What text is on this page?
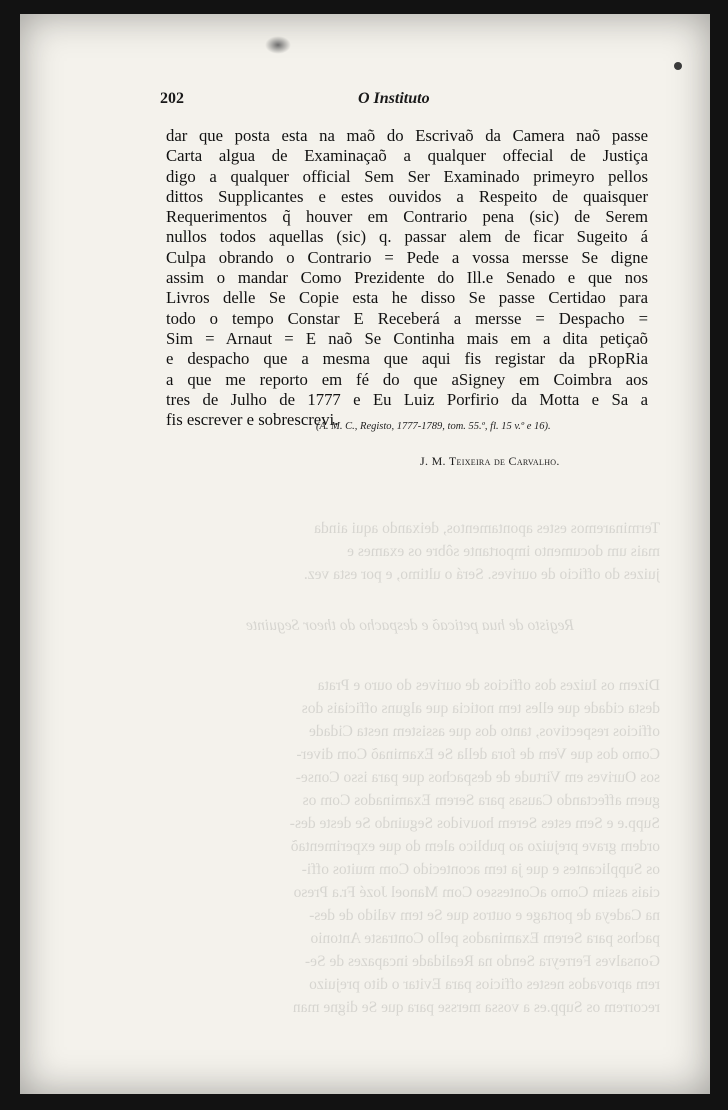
Terminaremos estes apontamentos, deixando aqui ainda
mais um documento importante sôbre os exames e
juizes do officio de ourives. Será o ultimo, e por esta vez.
Registo de hua peticaõ e despacho do theor Seguinte
Dizem os Iuizes dos officios de ourives do ouro e Prata
desta cidade que elles tem noticia que alguns officiais dos
officios respectivos, tanto dos que assistem nesta Cidade
Como dos que Vem de fora della Se Examinaõ Com diver-
sos Ourives em Virtude de despachos que para isso Conse-
guem affectando Causas para Serem Examinados Com os
Supp.e e Sem estes Serem houvidos Seguindo Se deste des-
ordem grave prejuizo ao publico alem do que experimentaõ
os Supplicantes e que ja tem acontecido Com muitos offi-
ciais assim Como aContesseo Com Manoel Jozé Fr.a Preso
na Cadeya de portage e outros que Se tem valido de des-
pachos para Serem Examinados pello Contraste Antonio
Gonsalves Ferreyra Sendo na Realidade incapazes de Se-
rem aprovados nestes officios para Evitar o dito prejuizo
recorrem os Supp.es a vossa mersse para que Se digne man
202	O Instituto
dar que posta esta na maõ do Escrivaõ da Camera naõ passe
Carta algua de Examinaçaõ a qualquer offecial de Justiça
digo a qualquer official Sem Ser Examinado primeyro pellos
dittos Supplicantes e estes ouvidos a Respeito de quaisquer
Requerimentos q̃ houver em Contrario pena (sic) de Serem
nullos todos aquellas (sic) q. passar alem de ficar Sugeito á
Culpa obrando o Contrario = Pede a vossa mersse Se digne
assim o mandar Como Prezidente do Ill.e Senado e que nos
Livros delle Se Copie esta he disso Se passe Certidao para
todo o tempo Constar E Receberá a mersse = Despacho =
Sim = Arnaut = E naõ Se Continha mais em a dita petiçaõ
e despacho que a mesma que aqui fis registar da pRopRia
a que me reporto em fé do que aSigney em Coimbra aos
tres de Julho de 1777 e Eu Luiz Porfirio da Motta e Sa a
fis escrever e sobrescrevi.
(A. M. C., Registo, 1777-1789, tom. 55.º, fl. 15 v.º e 16).
J. M. Teixeira de Carvalho.
